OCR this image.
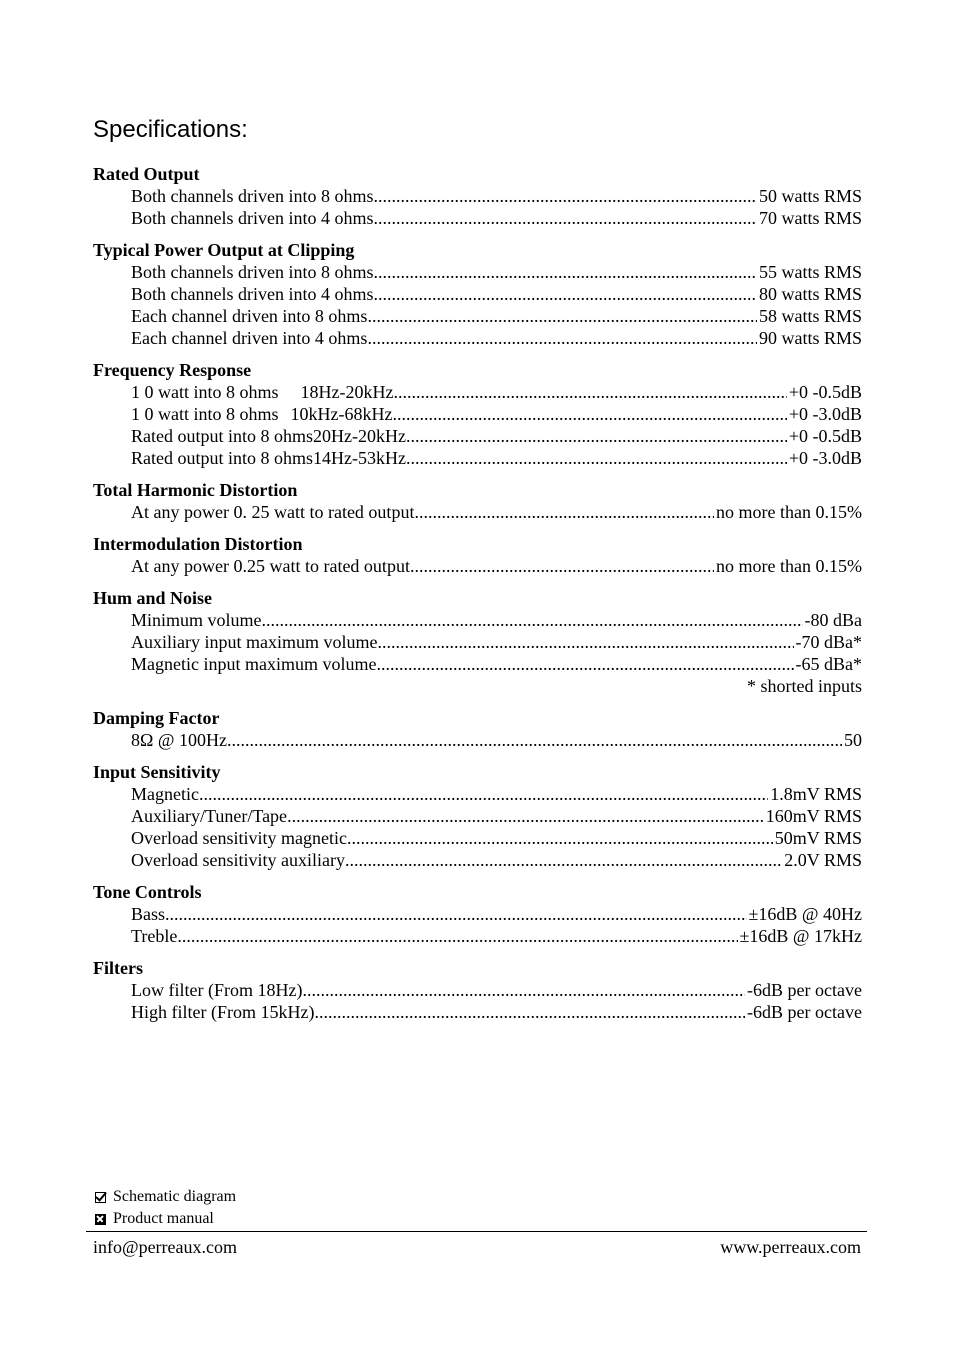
Specifications:
Rated Output
Both channels driven into 8 ohms .....	50 watts RMS
Both channels driven into 4 ohms .....	70 watts RMS
Typical Power Output at Clipping
Both channels driven into 8 ohms .....	55 watts RMS
Both channels driven into 4 ohms .....	80 watts RMS
Each channel driven into 8 ohms .....	58 watts RMS
Each channel driven into 4 ohms .....	90 watts RMS
Frequency Response
1 0 watt into 8 ohms 18Hz-20kHz .....	+0 -0.5dB
1 0 watt into 8 ohms 10kHz-68kHz .....	+0 -3.0dB
Rated output into 8 ohms 20Hz-20kHz .....	+0 -0.5dB
Rated output into 8 ohms 14Hz-53kHz .....	+0 -3.0dB
Total Harmonic Distortion
At any power 0. 25 watt to rated output .....	no more than 0.15%
Intermodulation Distortion
At any power 0.25 watt to rated output .....	no more than 0.15%
Hum and Noise
Minimum volume .....	-80 dBa
Auxiliary input maximum volume .....	-70 dBa*
Magnetic input maximum volume .....	-65 dBa*
* shorted inputs
Damping Factor
8Ω @ 100Hz .....	50
Input Sensitivity
Magnetic .....	1.8mV RMS
Auxiliary/Tuner/Tape .....	160mV RMS
Overload sensitivity magnetic .....	50mV RMS
Overload sensitivity auxiliary .....	2.0V RMS
Tone Controls
Bass .....	±16dB @ 40Hz
Treble .....	±16dB @ 17kHz
Filters
Low filter (From 18Hz) .....	-6dB per octave
High filter (From 15kHz) .....	-6dB per octave
Schematic diagram
Product manual
info@perreaux.com	www.perreaux.com
